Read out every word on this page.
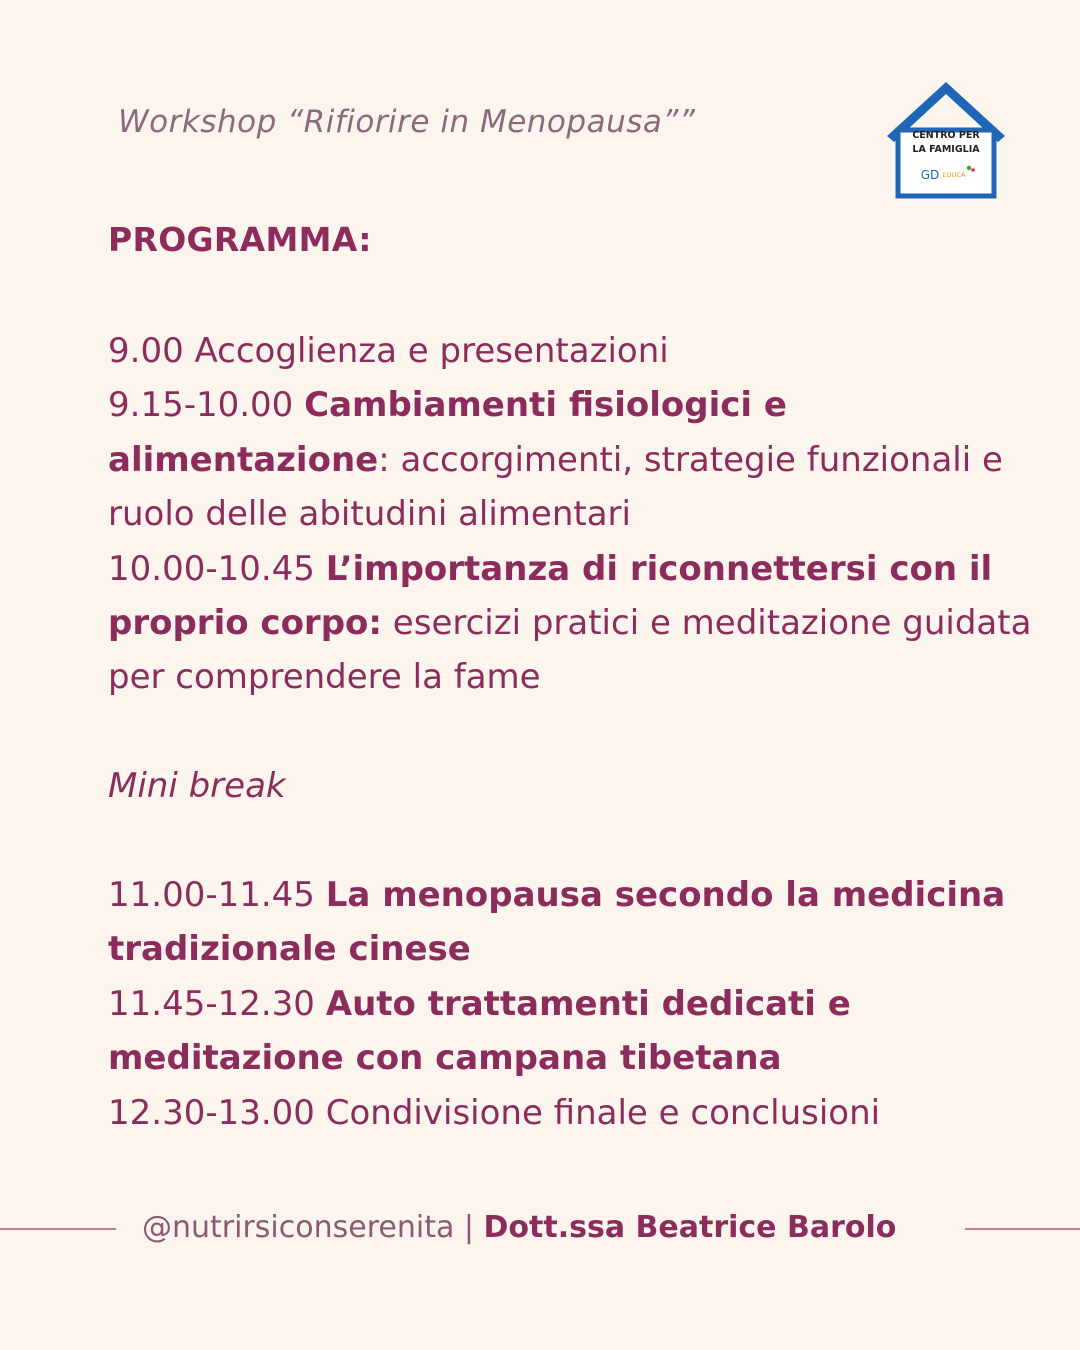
Workshop “Rifiorire in Menopausa””	CENTRO PER
LA FAMIGLIA
GD EDUCA
PROGRAMMA:

9.00 Accoglienza e presentazioni

9.15-10.00 Cambiamenti fisiologici e alimentazione: accorgimenti, strategie funzionali e ruolo delle abitudini alimentari

10.00-10.45 L’importanza di riconnettersi con il proprio corpo: esercizi pratici e meditazione guidata per comprendere la fame

Mini break

11.00-11.45 La menopausa secondo la medicina tradizionale cinese

11.45-12.30 Auto trattamenti dedicati e meditazione con campana tibetana

12.30-13.00 Condivisione finale e conclusioni

@nutrirsiconserenita | Dott.ssa Beatrice Barolo
